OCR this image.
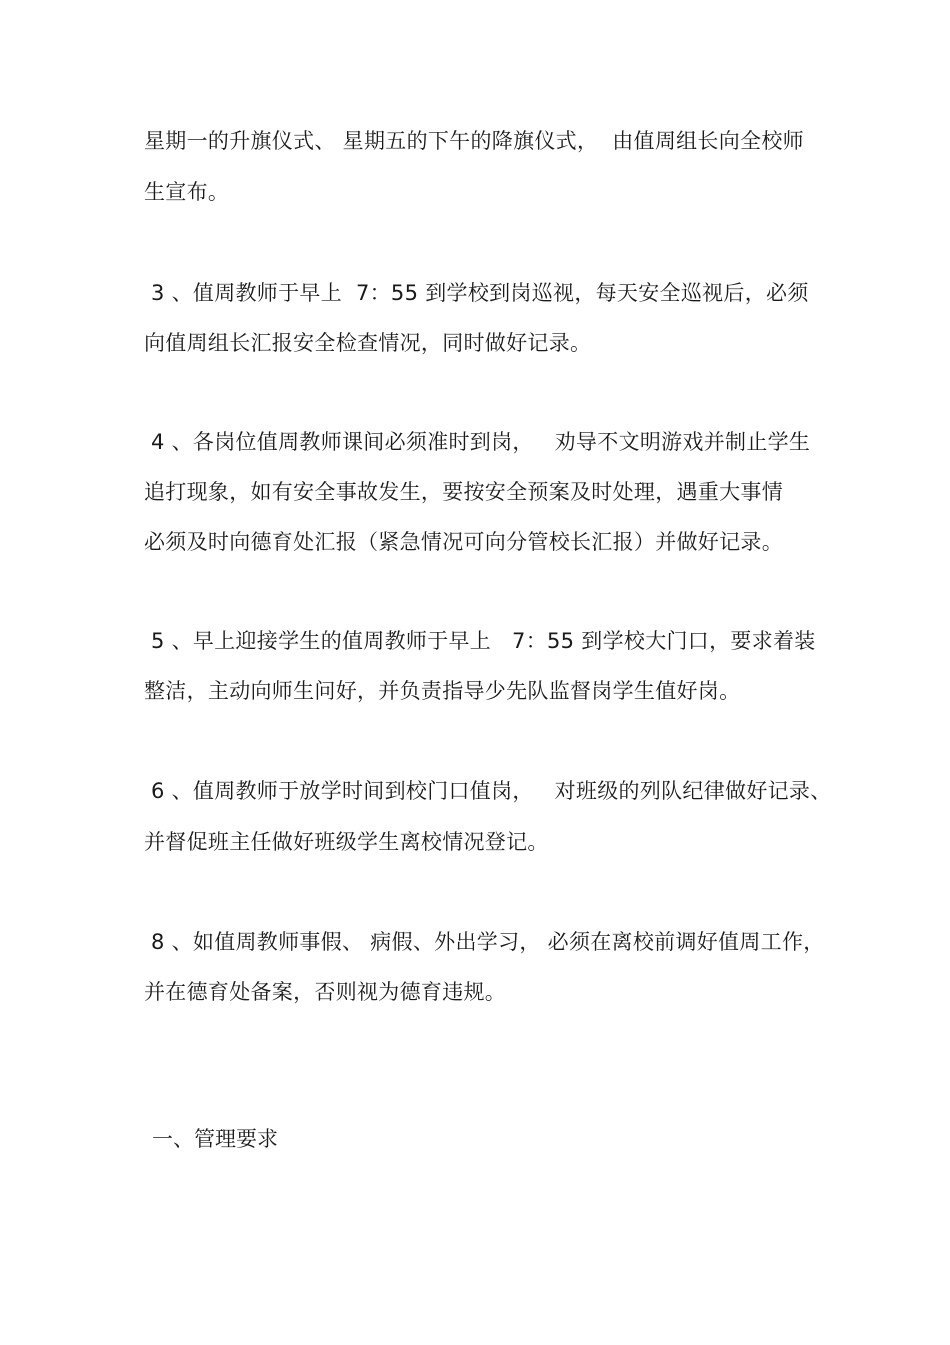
星期一的升旗仪式、 星期五的下午的降旗仪式，  由值周组长向全校师
生宣布。
3 、值周教师于早上  7：55 到学校到岗巡视，每天安全巡视后，必须
向值周组长汇报安全检查情况，同时做好记录。
4 、各岗位值周教师课间必须准时到岗，   劝导不文明游戏并制止学生
追打现象，如有安全事故发生，要按安全预案及时处理，遇重大事情
必须及时向德育处汇报（紧急情况可向分管校长汇报）并做好记录。
5 、早上迎接学生的值周教师于早上   7：55 到学校大门口，要求着装
整洁，主动向师生问好，并负责指导少先队监督岗学生值好岗。
6 、值周教师于放学时间到校门口值岗，   对班级的列队纪律做好记录、
并督促班主任做好班级学生离校情况登记。
8 、如值周教师事假、 病假、外出学习， 必须在离校前调好值周工作，
并在德育处备案，否则视为德育违规。
一、管理要求
